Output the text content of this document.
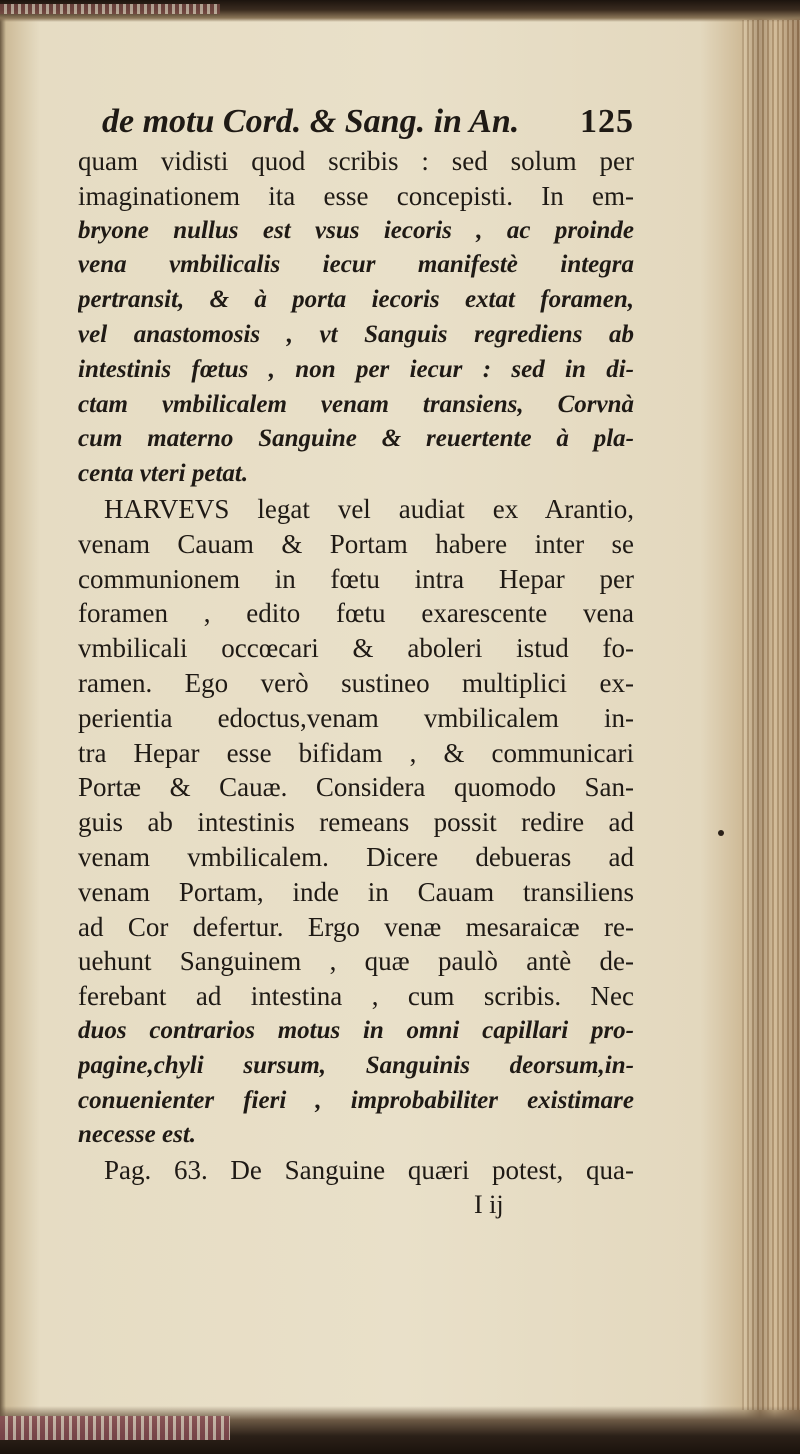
de motu Cord. & Sang. in An. 125
quam vidisti quod scribis : sed solum per
imaginationem ita esse concepisti. In em-
bryone nullus est vsus iecoris , ac proinde
vena vmbilicalis iecur manifestè integra
pertransit, & à porta iecoris extat foramen,
vel anastomosis , vt Sanguis regrediens ab
intestinis fœtus , non per iecur : sed in di-
ctam vmbilicalem venam transiens, Corvnà
cum materno Sanguine & reuertente à pla-
centa vteri petat.
HARVEVS legat vel audiat ex Arantio,
venam Cauam & Portam habere inter se
communionem in fœtu intra Hepar per
foramen , edito fœtu exarescente vena
vmbilicali occœcari & aboleri istud fo-
ramen. Ego verò sustineo multiplici ex-
perientia edoctus,venam vmbilicalem in-
tra Hepar esse bifidam , & communicari
Portæ & Cauæ. Considera quomodo San-
guis ab intestinis remeans possit redire ad
venam vmbilicalem. Dicere debueras ad
venam Portam, inde in Cauam transiliens
ad Cor defertur. Ergo venæ mesaraicæ re-
uehunt Sanguinem , quæ paulò antè de-
ferebant ad intestina , cum scribis. Nec
duos contrarios motus in omni capillari pro-
pagine,chyli sursum, Sanguinis deorsum,in-
conuenienter fieri , improbabiliter existimare
necesse est.
Pag. 63. De Sanguine quæri potest, qua-
I ij
